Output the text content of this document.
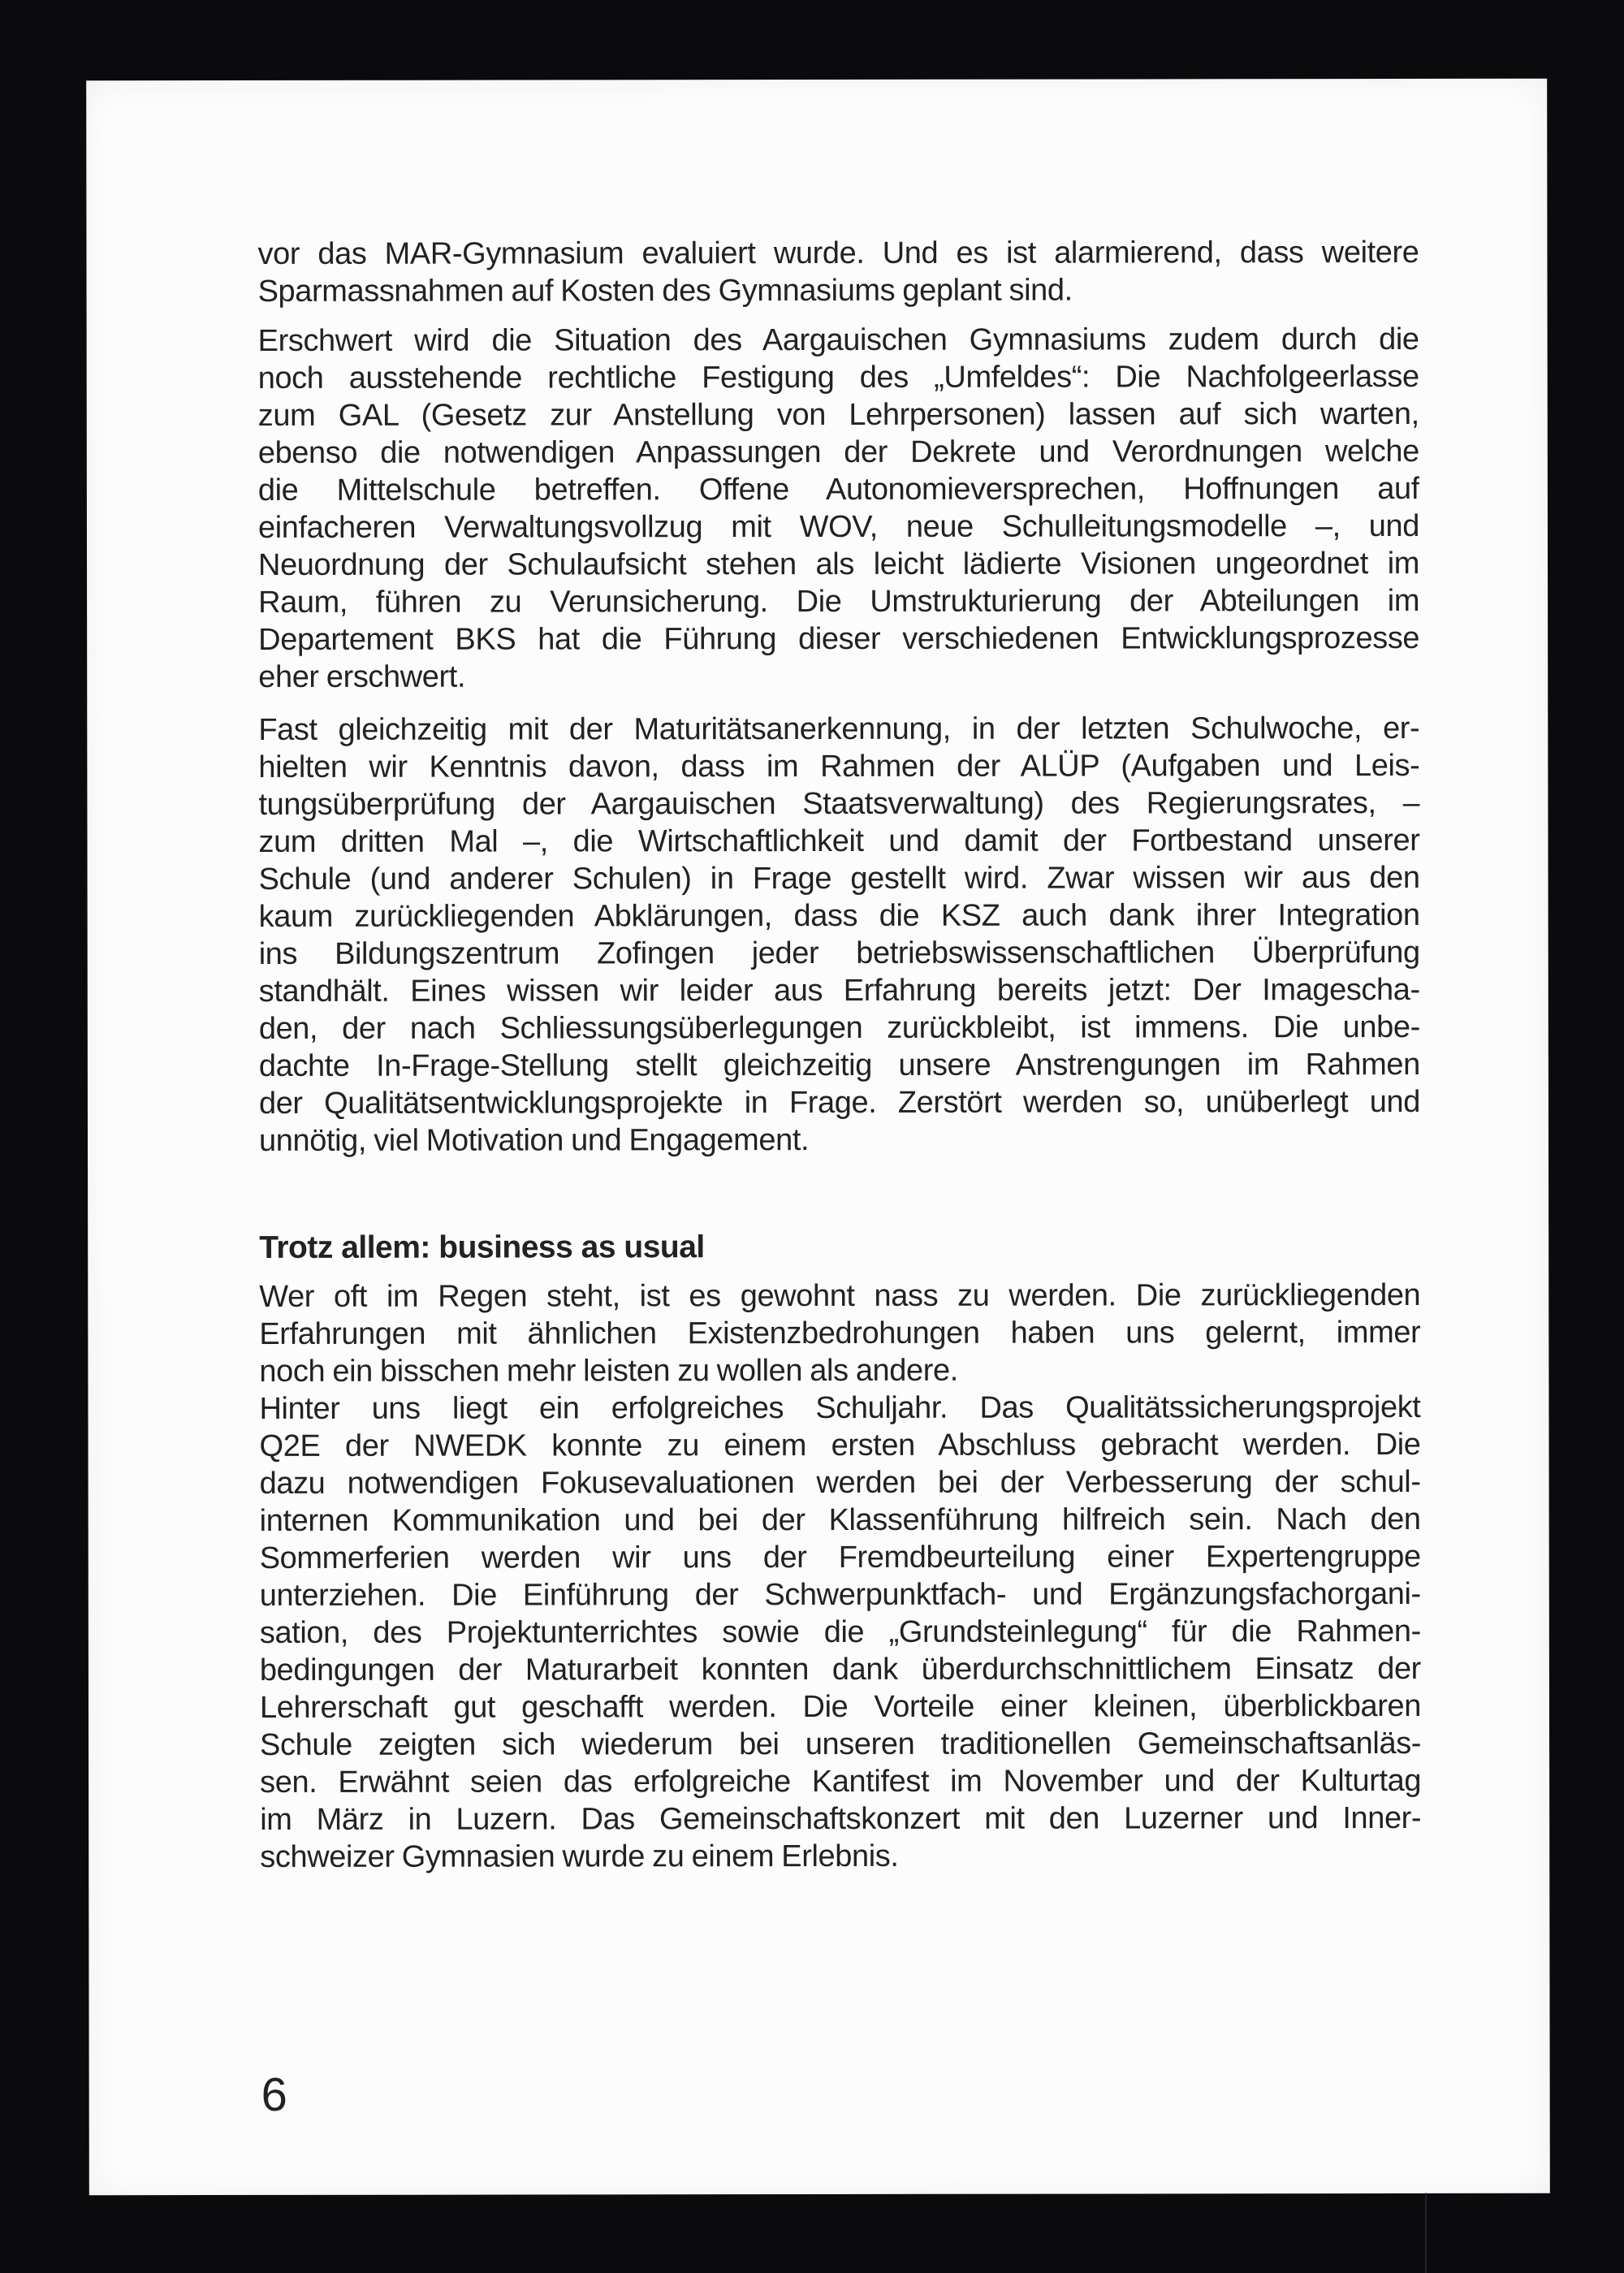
vor das MAR-Gymnasium evaluiert wurde. Und es ist alarmierend, dass weitere
Sparmassnahmen auf Kosten des Gymnasiums geplant sind.
Erschwert wird die Situation des Aargauischen Gymnasiums zudem durch die
noch ausstehende rechtliche Festigung des „Umfeldes“: Die Nachfolgeerlasse
zum GAL (Gesetz zur Anstellung von Lehrpersonen) lassen auf sich warten,
ebenso die notwendigen Anpassungen der Dekrete und Verordnungen welche
die Mittelschule betreffen. Offene Autonomieversprechen, Hoffnungen auf
einfacheren Verwaltungsvollzug mit WOV, neue Schulleitungsmodelle –, und
Neuordnung der Schulaufsicht stehen als leicht lädierte Visionen ungeordnet im
Raum, führen zu Verunsicherung. Die Umstrukturierung der Abteilungen im
Departement BKS hat die Führung dieser verschiedenen Entwicklungsprozesse
eher erschwert.
Fast gleichzeitig mit der Maturitätsanerkennung, in der letzten Schulwoche, er-
hielten wir Kenntnis davon, dass im Rahmen der ALÜP (Aufgaben und Leis-
tungsüberprüfung der Aargauischen Staatsverwaltung) des Regierungsrates, –
zum dritten Mal –, die Wirtschaftlichkeit und damit der Fortbestand unserer
Schule (und anderer Schulen) in Frage gestellt wird. Zwar wissen wir aus den
kaum zurückliegenden Abklärungen, dass die KSZ auch dank ihrer Integration
ins Bildungszentrum Zofingen jeder betriebswissenschaftlichen Überprüfung
standhält. Eines wissen wir leider aus Erfahrung bereits jetzt: Der Imagescha-
den, der nach Schliessungsüberlegungen zurückbleibt, ist immens. Die unbe-
dachte In-Frage-Stellung stellt gleichzeitig unsere Anstrengungen im Rahmen
der Qualitätsentwicklungsprojekte in Frage. Zerstört werden so, unüberlegt und
unnötig, viel Motivation und Engagement.
Trotz allem: business as usual
Wer oft im Regen steht, ist es gewohnt nass zu werden. Die zurückliegenden
Erfahrungen mit ähnlichen Existenzbedrohungen haben uns gelernt, immer
noch ein bisschen mehr leisten zu wollen als andere.
Hinter uns liegt ein erfolgreiches Schuljahr. Das Qualitätssicherungsprojekt
Q2E der NWEDK konnte zu einem ersten Abschluss gebracht werden. Die
dazu notwendigen Fokusevaluationen werden bei der Verbesserung der schul-
internen Kommunikation und bei der Klassenführung hilfreich sein. Nach den
Sommerferien werden wir uns der Fremdbeurteilung einer Expertengruppe
unterziehen. Die Einführung der Schwerpunktfach- und Ergänzungsfachorgani-
sation, des Projektunterrichtes sowie die „Grundsteinlegung“ für die Rahmen-
bedingungen der Maturarbeit konnten dank überdurchschnittlichem Einsatz der
Lehrerschaft gut geschafft werden. Die Vorteile einer kleinen, überblickbaren
Schule zeigten sich wiederum bei unseren traditionellen Gemeinschaftsanläs-
sen. Erwähnt seien das erfolgreiche Kantifest im November und der Kulturtag
im März in Luzern. Das Gemeinschaftskonzert mit den Luzerner und Inner-
schweizer Gymnasien wurde zu einem Erlebnis.
6
